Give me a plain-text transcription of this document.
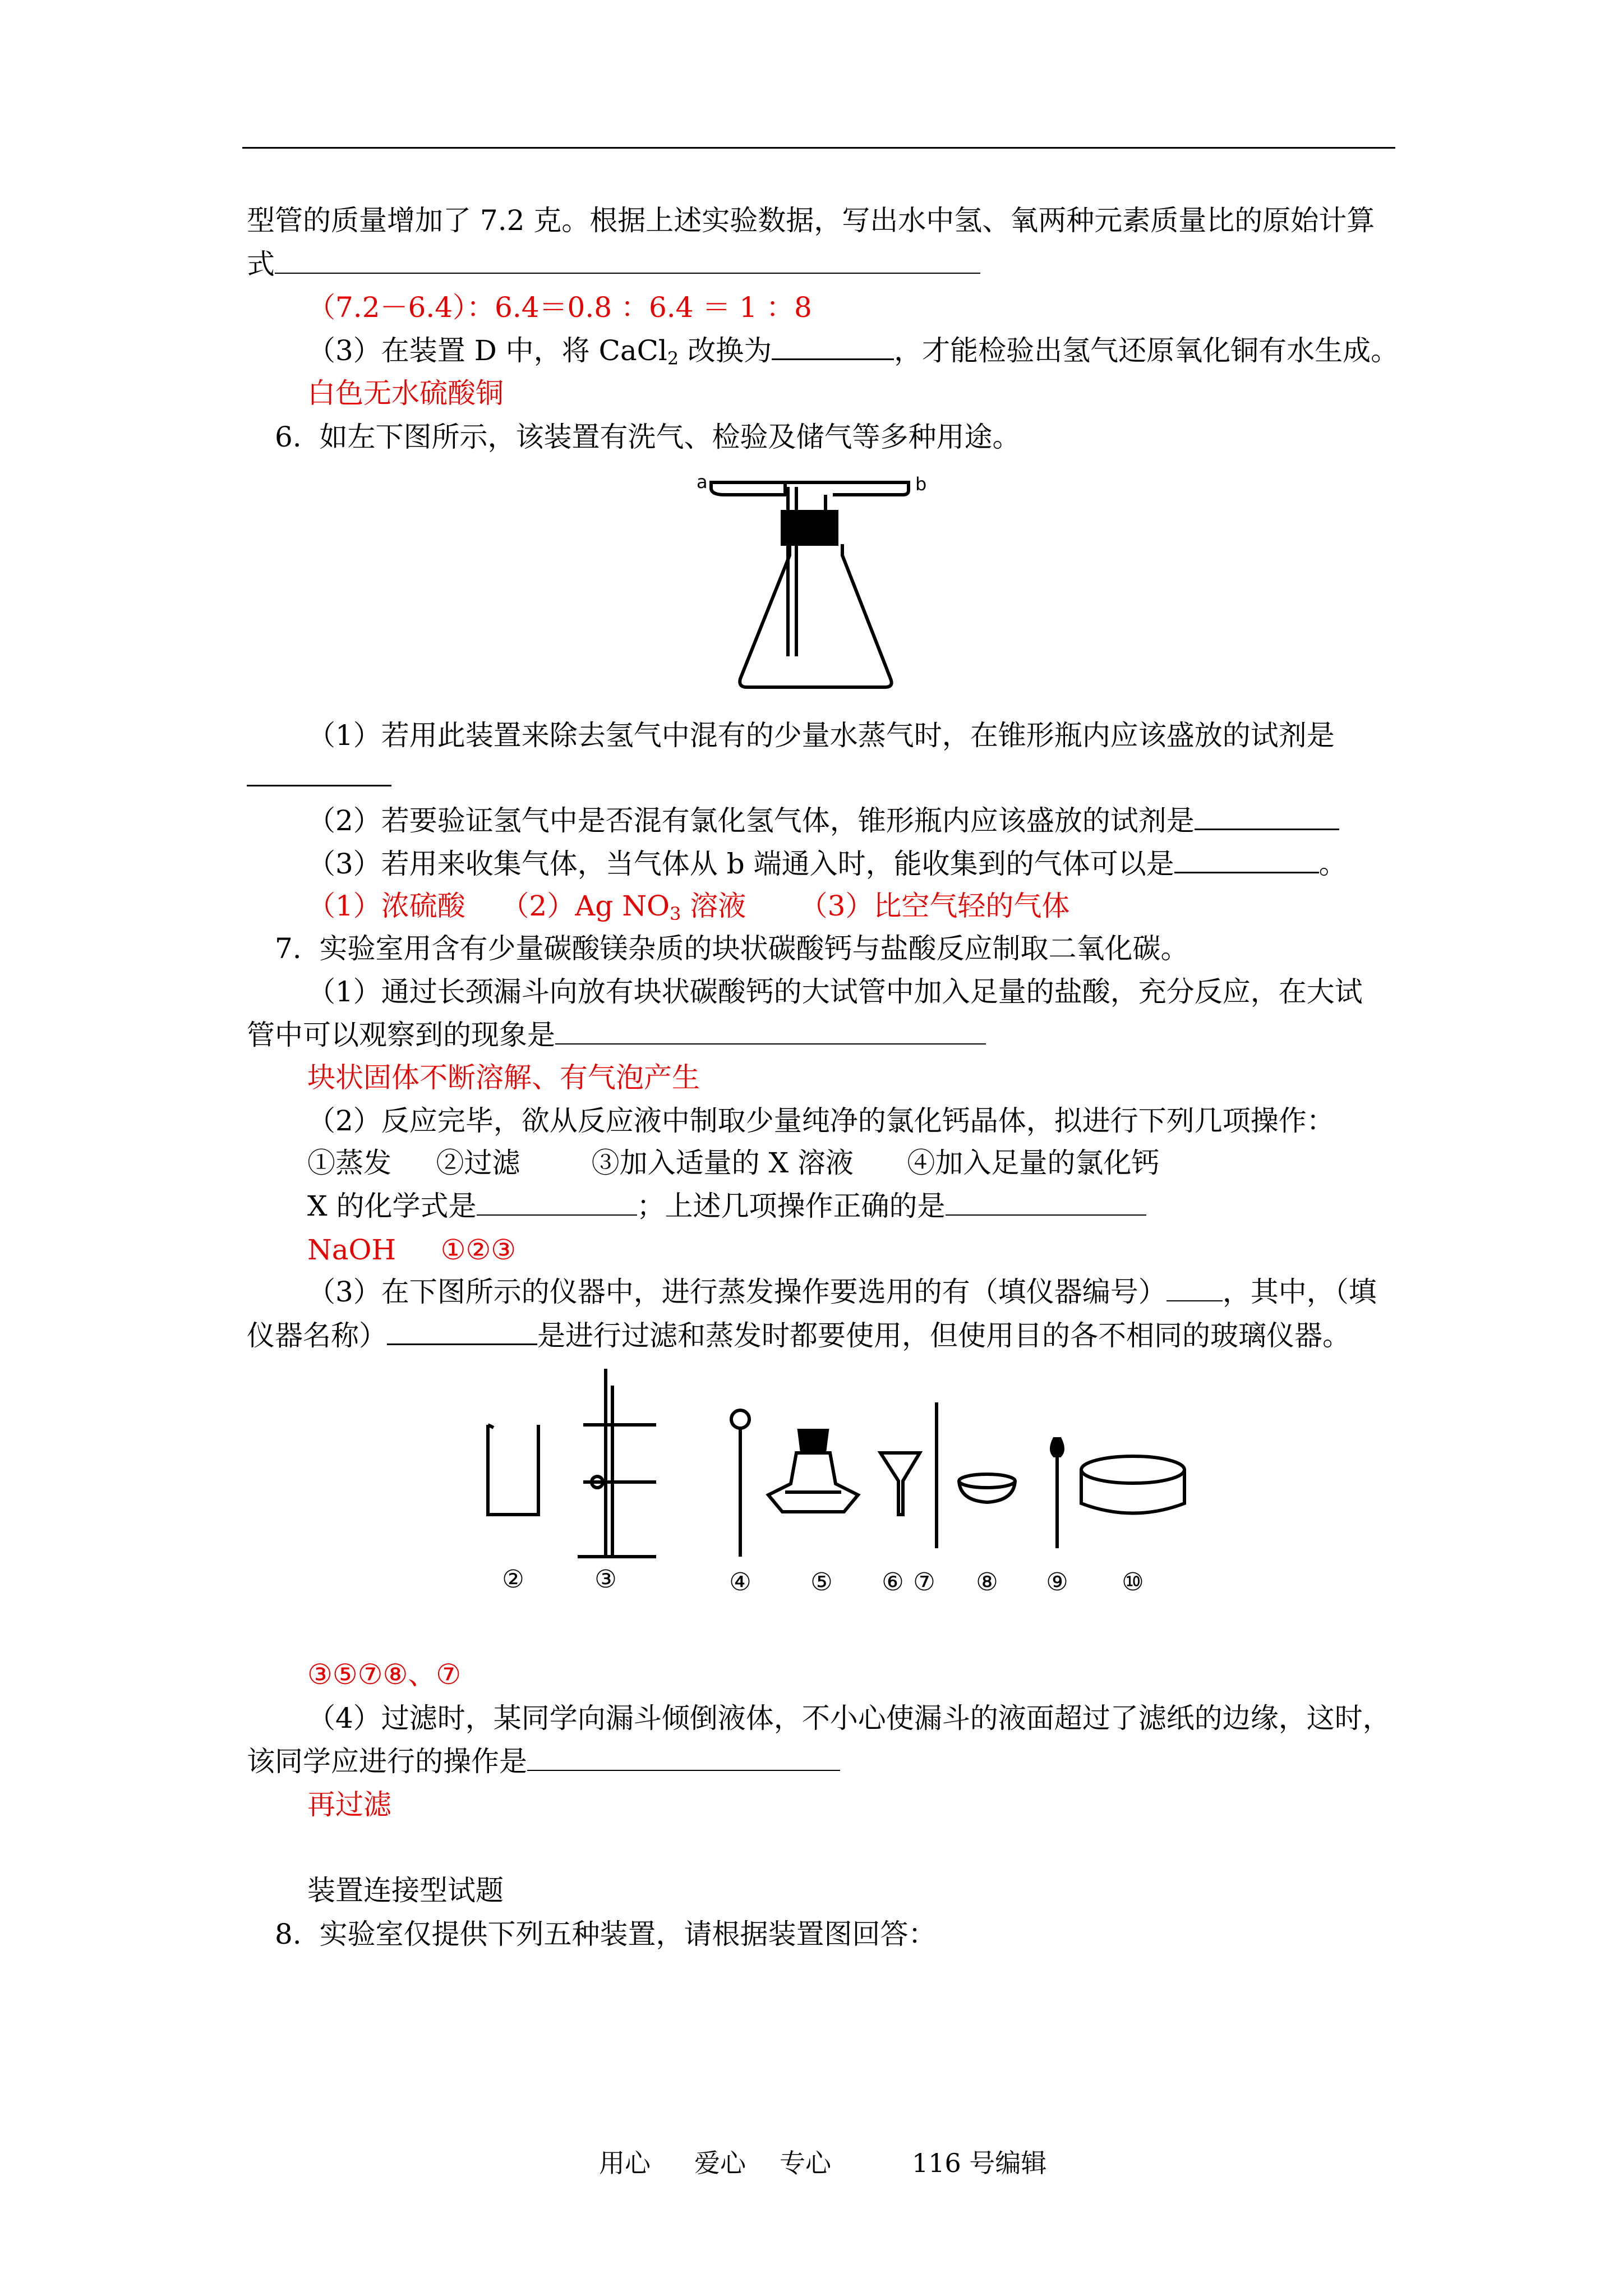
型管的质量增加了 7.2 克。根据上述实验数据，写出水中氢、氧两种元素质量比的原始计算
式
（7.2－6.4）：6.4＝0.8 ：6.4 ＝ 1 ：8
（3）在装置 D 中，将 CaCl$_2$ 改换为	，才能检验出氢气还原氧化铜有水生成。
白色无水硫酸铜
6.  如左下图所示，该装置有洗气、检验及储气等多种用途。
a	b
（1）若用此装置来除去氢气中混有的少量水蒸气时，在锥形瓶内应该盛放的试剂是
（2）若要验证氢气中是否混有氯化氢气体，锥形瓶内应该盛放的试剂是
（3）若用来收集气体，当气体从 b 端通入时，能收集到的气体可以是	。
（1）浓硫酸 （2）Ag $NO_3$ 溶液 （3）比空气轻的气体
7.  实验室用含有少量碳酸镁杂质的块状碳酸钙与盐酸反应制取二氧化碳。
（1）通过长颈漏斗向放有块状碳酸钙的大试管中加入足量的盐酸，充分反应，在大试
管中可以观察到的现象是
块状固体不断溶解、有气泡产生
（2）反应完毕，欲从反应液中制取少量纯净的氯化钙晶体，拟进行下列几项操作：
①蒸发 ②过滤	③加入适量的 X 溶液 ④加入足量的氯化钙
X 的化学式是	；上述几项操作正确的是
NaOH ①②③
（3）在下图所示的仪器中，进行蒸发操作要选用的有（填仪器编号） ，其中，（填
仪器名称）	是进行过滤和蒸发时都要使用，但使用目的各不相同的玻璃仪器。
②	③	④ ⑤ ⑥ ⑦ ⑧ ⑨ ⑩
③⑤⑦⑧、⑦
（4）过滤时，某同学向漏斗倾倒液体，不小心使漏斗的液面超过了滤纸的边缘，这时，
该同学应进行的操作是
再过滤
装置连接型试题
8.  实验室仅提供下列五种装置，请根据装置图回答：
用心 爱心 专心	116 号编辑
